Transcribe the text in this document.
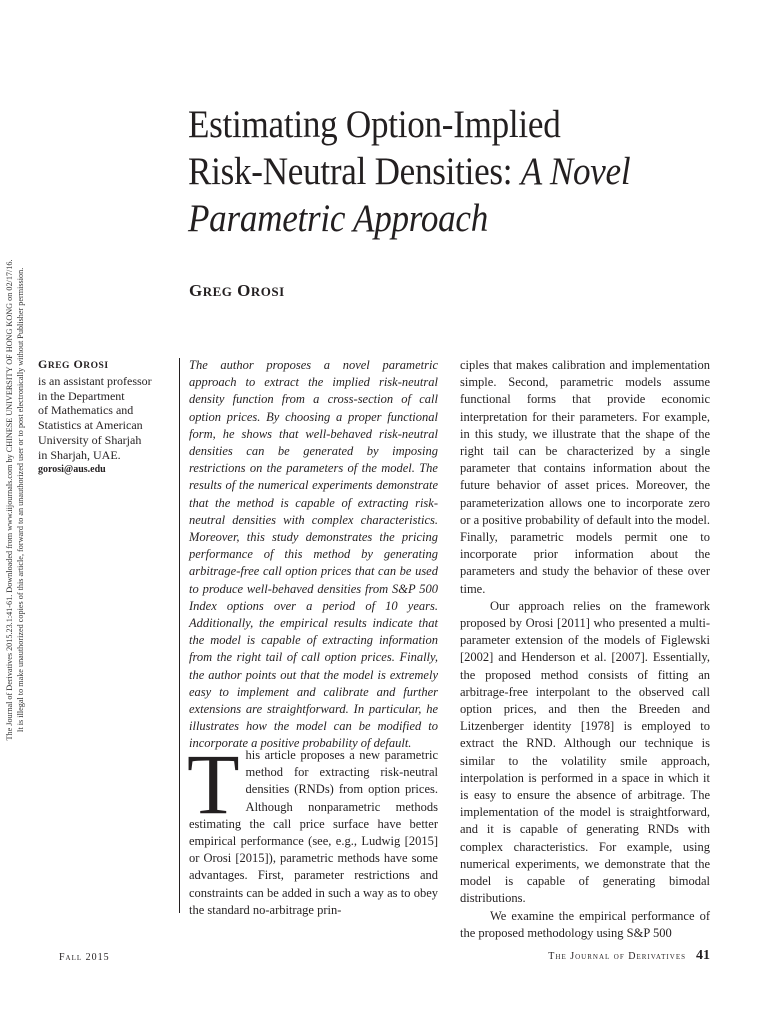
The Journal of Derivatives 2015.23.1:41-61. Downloaded from www.iijournals.com by CHINESE UNIVERSITY OF HONG KONG on 02/17/16. It is illegal to make unauthorized copies of this article, forward to an unauthorized user or to post electronically without Publisher permission.
Estimating Option-Implied
Risk-Neutral Densities: A Novel
Parametric Approach
GREG OROSI
GREG OROSI
is an assistant professor
in the Department
of Mathematics and
Statistics at American
University of Sharjah
in Sharjah, UAE.
gorosi@aus.edu

The author proposes a novel parametric approach to extract the implied risk-neutral density function from a cross-section of call option prices. By choosing a proper functional form, he shows that well-behaved risk-neutral densities can be generated by imposing restrictions on the parameters of the model. The results of the numerical experiments demonstrate that the method is capable of extracting risk-neutral densities with complex characteristics. Moreover, this study demonstrates the pricing performance of this method by generating arbitrage-free call option prices that can be used to produce well-behaved densities from S&P 500 Index options over a period of 10 years. Additionally, the empirical results indicate that the model is capable of extracting information from the right tail of call option prices. Finally, the author points out that the model is extremely easy to implement and calibrate and further extensions are straightforward. In particular, he illustrates how the model can be modified to incorporate a positive probability of default.

This article proposes a new parametric method for extracting risk-neutral densities (RNDs) from option prices. Although nonparametric methods estimating the call price surface have better empirical performance (see, e.g., Ludwig [2015] or Orosi [2015]), parametric methods have some advantages. First, parameter restrictions and constraints can be added in such a way as to obey the standard no-arbitrage prin-

ciples that makes calibration and implementation simple. Second, parametric models assume functional forms that provide economic interpretation for their parameters. For example, in this study, we illustrate that the shape of the right tail can be characterized by a single parameter that contains information about the future behavior of asset prices. Moreover, the parameterization allows one to incorporate zero or a positive probability of default into the model. Finally, parametric models permit one to incorporate prior information about the parameters and study the behavior of these over time.

Our approach relies on the framework proposed by Orosi [2011] who presented a multi-parameter extension of the models of Figlewski [2002] and Henderson et al. [2007]. Essentially, the proposed method consists of fitting an arbitrage-free interpolant to the observed call option prices, and then the Breeden and Litzenberger identity [1978] is employed to extract the RND. Although our technique is similar to the volatility smile approach, interpolation is performed in a space in which it is easy to ensure the absence of arbitrage. The implementation of the model is straightforward, and it is capable of generating RNDs with complex characteristics. For example, using numerical experiments, we demonstrate that the model is capable of generating bimodal distributions.

We examine the empirical performance of the proposed methodology using S&P 500

Fall 2015	The Journal of Derivatives 41
